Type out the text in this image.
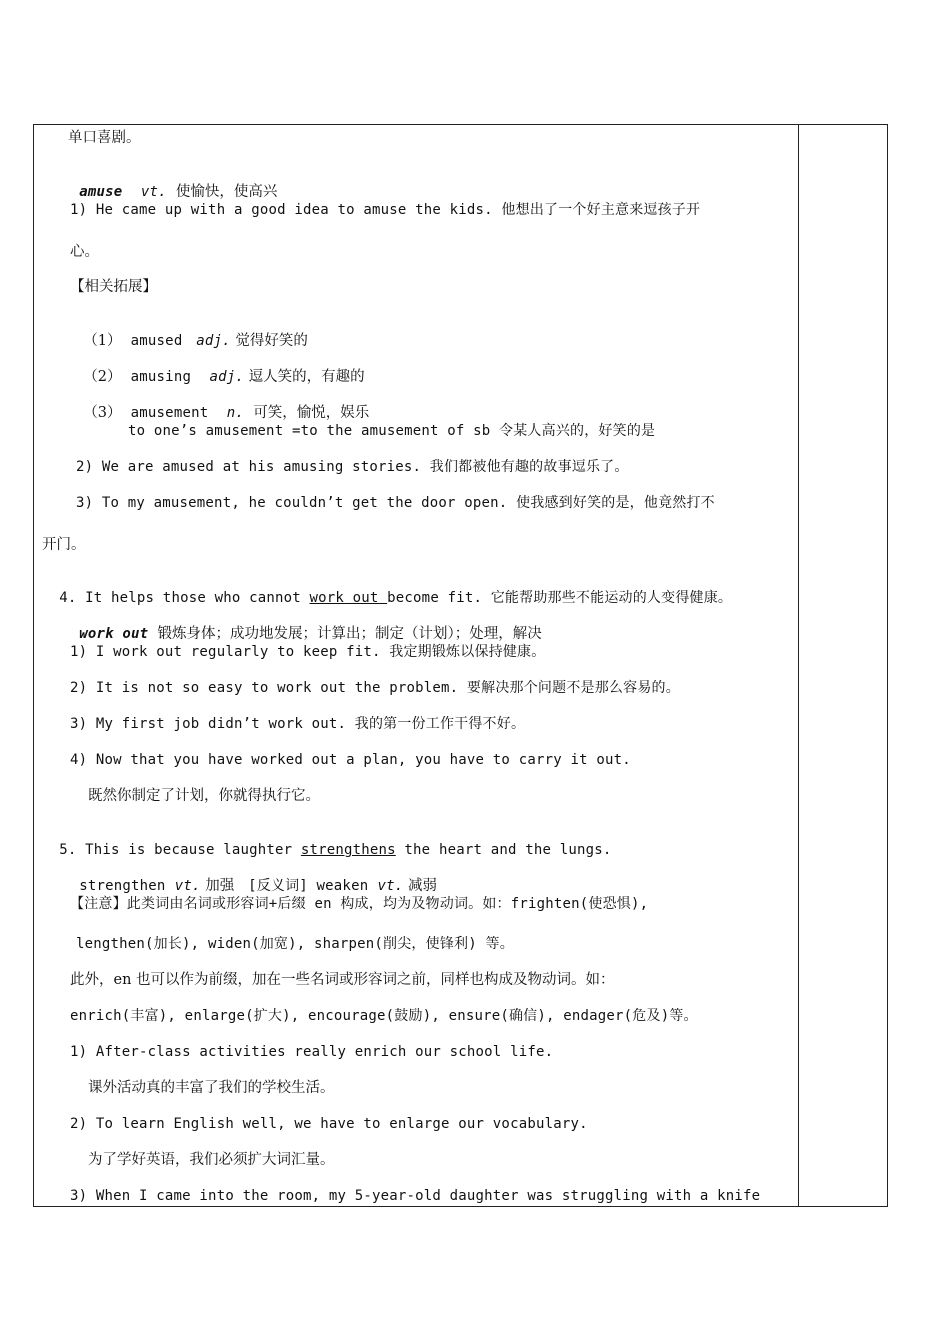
单口喜剧。

amuse vt. 使愉快，使高兴

1) He came up with a good idea to amuse the kids. 他想出了一个好主意来逗孩子开
心。
【相关拓展】

（1） amused adj. 觉得好笑的

（2） amusing adj. 逗人笑的，有趣的

（3） amusement n. 可笑，愉悦，娱乐

to one’s amusement =to the amusement of sb 令某人高兴的，好笑的是
2) We are amused at his amusing stories. 我们都被他有趣的故事逗乐了。
3) To my amusement, he couldn’t get the door open. 使我感到好笑的是，他竟然打不
开门。

4. It helps those who cannot work out become fit. 它能帮助那些不能运动的人变得健康。

work out 锻炼身体；成功地发展；计算出；制定（计划）；处理，解决

1) I work out regularly to keep fit. 我定期锻炼以保持健康。
2) It is not so easy to work out the problem. 要解决那个问题不是那么容易的。
3) My first job didn’t work out. 我的第一份工作干得不好。
4) Now that you have worked out a plan, you have to carry it out.
既然你制定了计划，你就得执行它。

5. This is because laughter strengthens the heart and the lungs.

strengthen vt. 加强 [反义词] weaken vt. 减弱

【注意】此类词由名词或形容词+后缀 en 构成，均为及物动词。如：frighten(使恐惧),
lengthen(加长), widen(加宽), sharpen(削尖，使锋利) 等。
此外，en 也可以作为前缀，加在一些名词或形容词之前，同样也构成及物动词。如：
enrich(丰富), enlarge(扩大), encourage(鼓励), ensure(确信), endager(危及)等。
1) After-class activities really enrich our school life.
课外活动真的丰富了我们的学校生活。
2) To learn English well, we have to enlarge our vocabulary.
为了学好英语，我们必须扩大词汇量。
3) When I came into the room, my 5-year-old daughter was struggling with a knife
